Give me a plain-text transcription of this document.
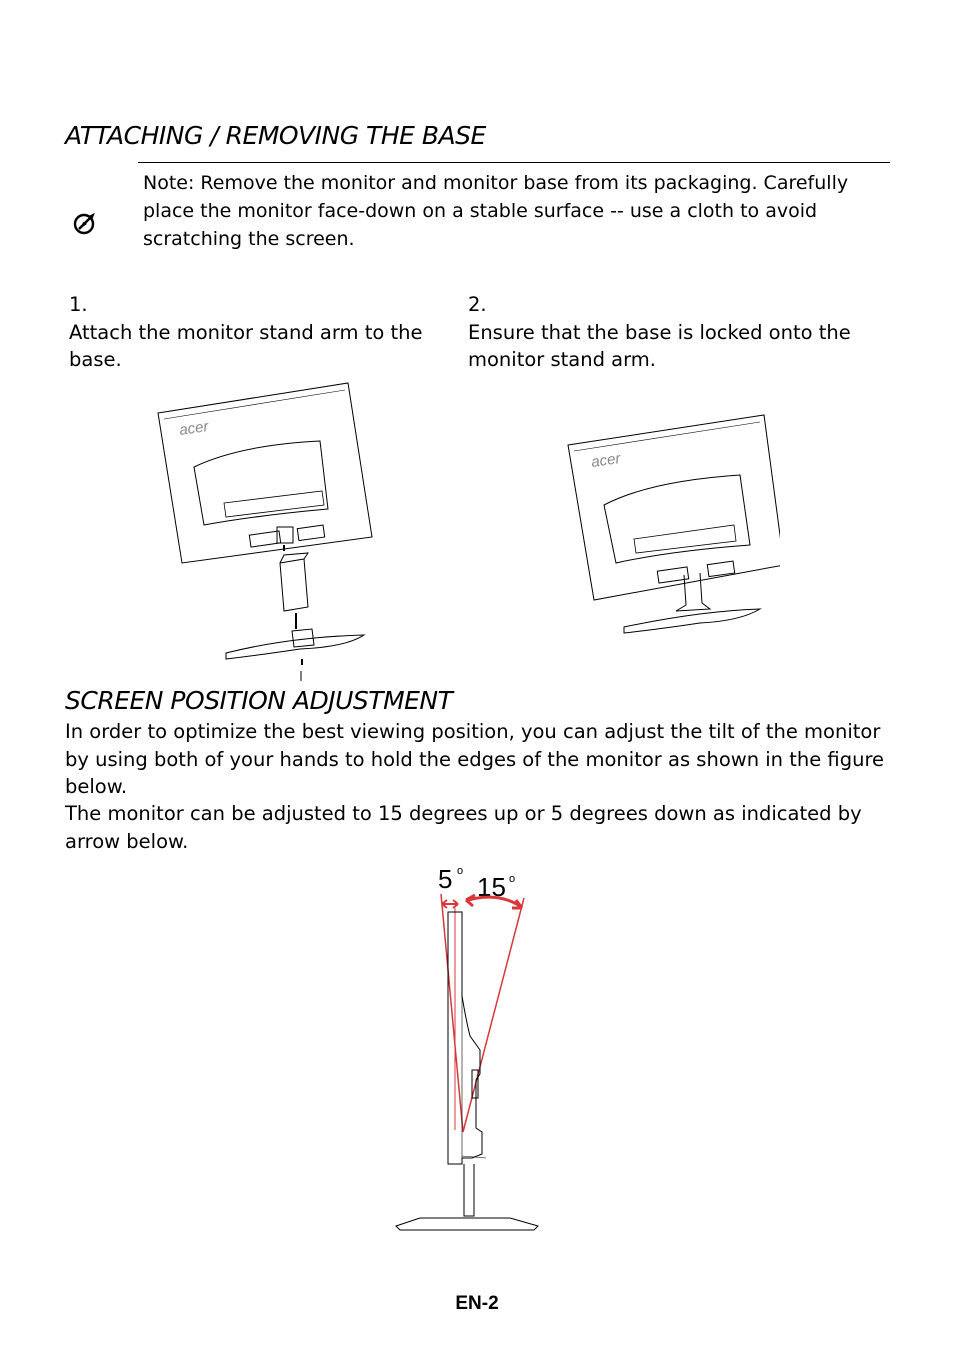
ATTACHING / REMOVING THE BASE
Note: Remove the monitor and monitor base from its packaging. Carefully place the monitor face-down on a stable surface -- use a cloth to avoid scratching the screen.
1.
Attach the monitor stand arm to the base.
2.
Ensure that the base is locked onto the monitor stand arm.
acer
acer
SCREEN POSITION ADJUSTMENT
In order to optimize the best viewing position, you can adjust the tilt of the monitor by using both of your hands to hold the edges of the monitor as shown in the figure below.
The monitor can be adjusted to 15 degrees up or 5 degrees down as indicated by arrow below.
5 o
15 o
EN-2
